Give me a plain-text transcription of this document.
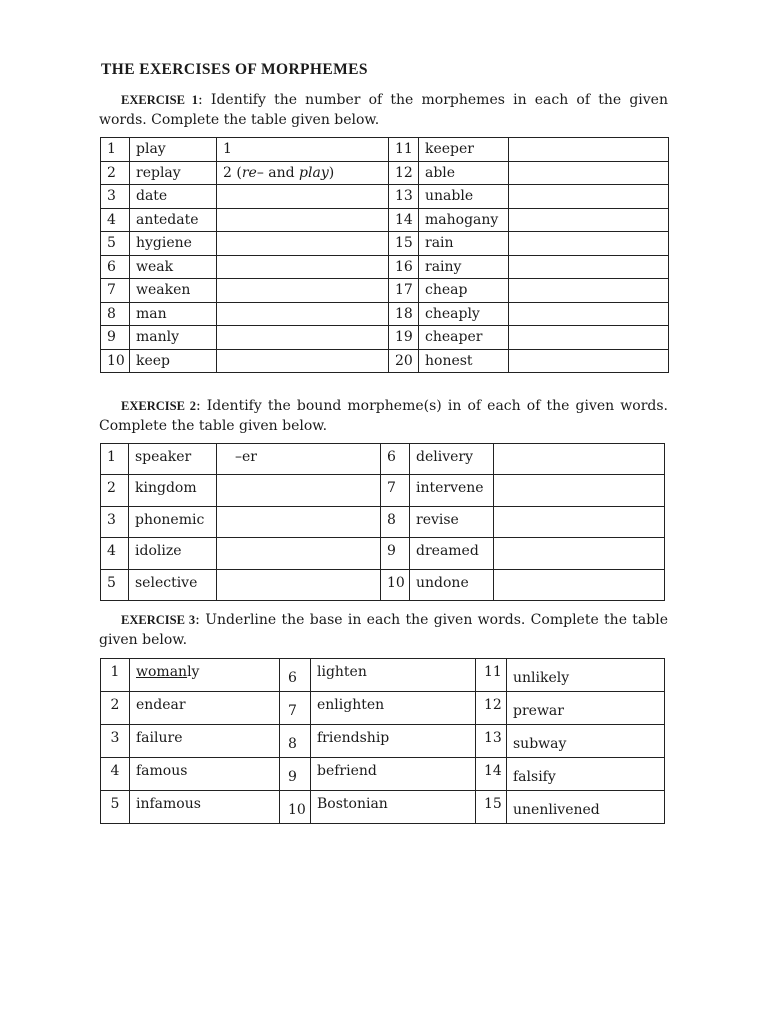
THE EXERCISES OF MORPHEMES
EXERCISE 1: Identify the number of the morphemes in each of the given words. Complete the table given below.
1	play	1	11	keeper	
2	replay	2 (re– and play)	12	able	
3	date		13	unable	
4	antedate		14	mahogany	
5	hygiene		15	rain	
6	weak		16	rainy	
7	weaken		17	cheap	
8	man		18	cheaply	
9	manly		19	cheaper	
10	keep		20	honest	
EXERCISE 2: Identify the bound morpheme(s) in of each of the given words. Complete the table given below.
1	speaker	–er	6	delivery	
2	kingdom		7	intervene	
3	phonemic		8	revise	
4	idolize		9	dreamed	
5	selective		10	undone	
EXERCISE 3: Underline the base in each the given words. Complete the table given below.
1	womanly	6	lighten	11	unlikely
2	endear	7	enlighten	12	prewar
3	failure	8	friendship	13	subway
4	famous	9	befriend	14	falsify
5	infamous	10	Bostonian	15	unenlivened
